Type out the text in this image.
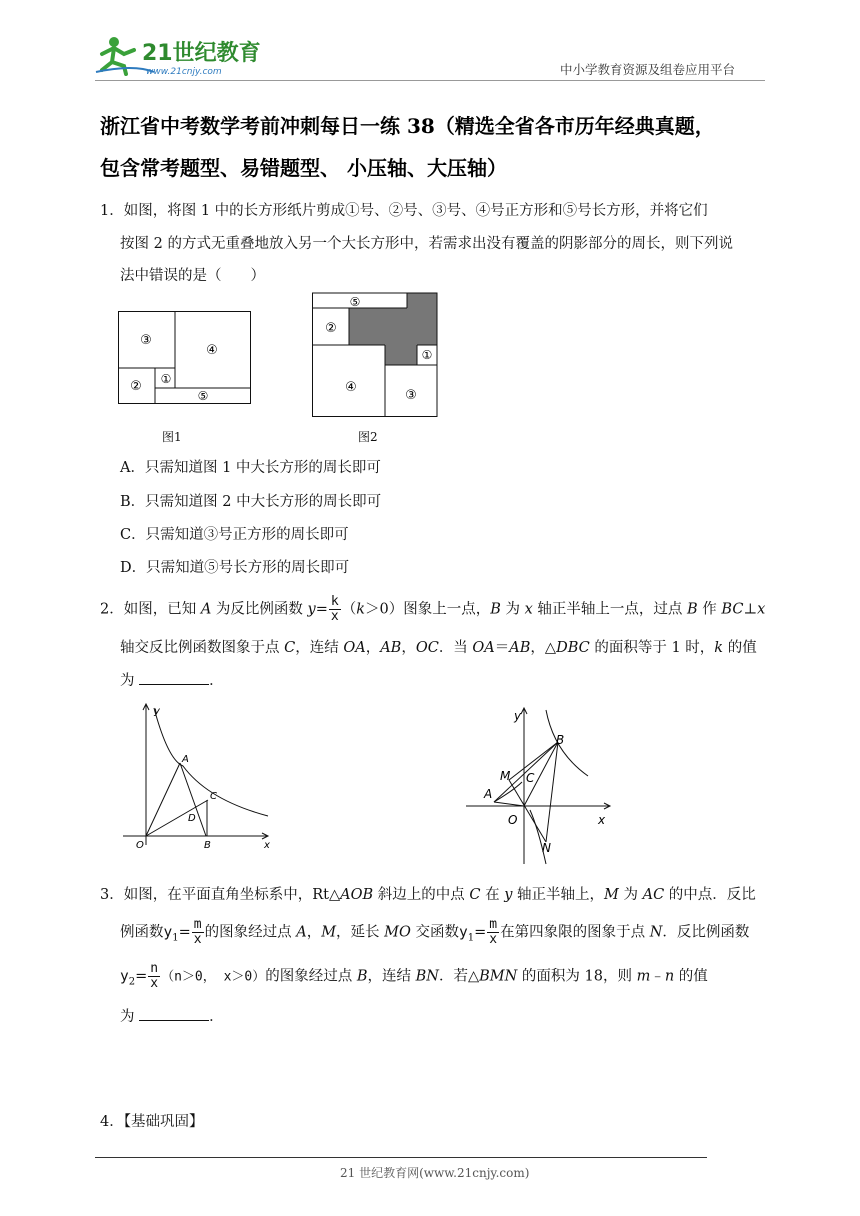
21世纪教育
www.21cnjy.com	中小学教育资源及组卷应用平台
浙江省中考数学考前冲刺每日一练 38（精选全省各市历年经典真题，
包含常考题型、易错题型、 小压轴、大压轴）
1．如图，将图 1 中的长方形纸片剪成①号、②号、③号、④号正方形和⑤号长方形，并将它们
按图 2 的方式无重叠地放入另一个大长方形中，若需求出没有覆盖的阴影部分的周长，则下列说
法中错误的是（　　）
③
④
② ①
⑤
图1
⑤
②
①
④
③
图2
A．只需知道图 1 中大长方形的周长即可
B．只需知道图 2 中大长方形的周长即可
C．只需知道③号正方形的周长即可
D．只需知道⑤号长方形的周长即可
2．如图，已知 A 为反比例函数 $y= \frac{k}{x} (k>0)$图象上一点，B 为 x 轴正半轴上一点，过点 B 作 BC⊥x
轴交反比例函数图象于点 C，连结 OA，AB，OC．当 OA＝AB，△DBC 的面积等于 1 时，k 的值
为	．
y
x
O
A
C
D
B
y
x
O
B
C
M
A
N
3．如图，在平面直角坐标系中，Rt△AOB 斜边上的中点 C 在 y 轴正半轴上，M 为 AC 的中点．反比
例函数$y_1= \frac{m}{x}$ 的图象经过点 A，M，延长 MO 交函数$y_1= \frac{m}{x}$ 在第四象限的图象于点 N．反比例函数
$y_2= \frac{n}{x} (n>0$， x＞0）的图象经过点 B，连结 BN．若△BMN 的面积为 18，则 m﹣n 的值
为	．
4．【基础巩固】
21 世纪教育网(www.21cnjy.com)
